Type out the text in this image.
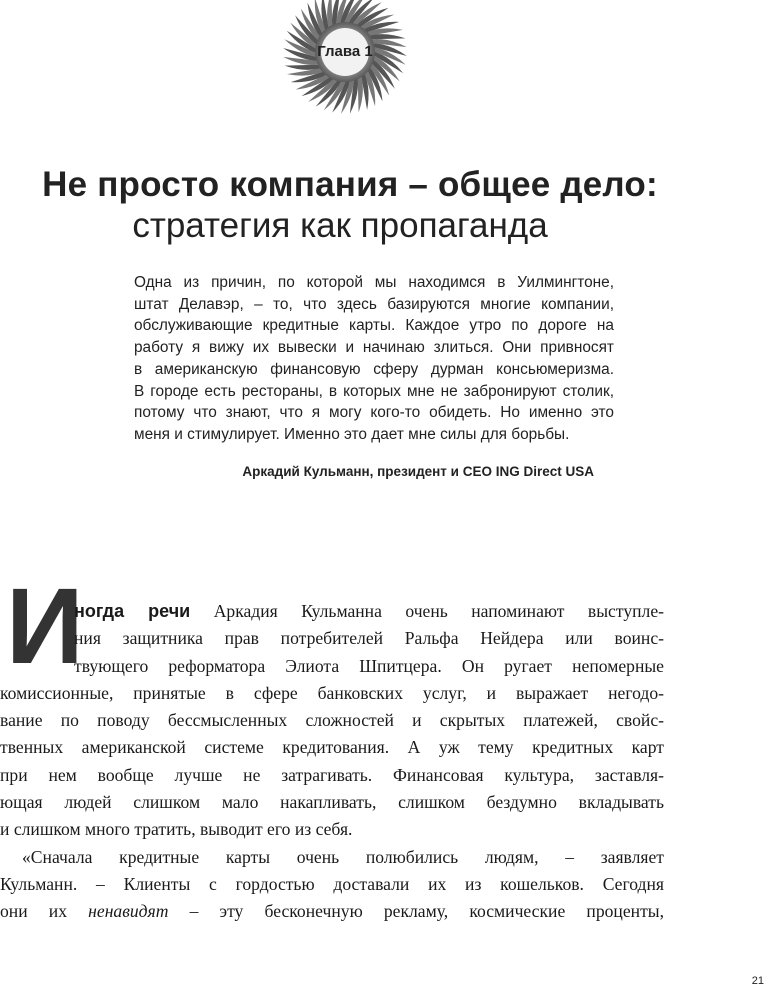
Глава 1
Не просто компания – общее дело:
стратегия как пропаганда
Одна из причин, по которой мы находимся в Уилмингтоне,
штат Делавэр, – то, что здесь базируются многие компании,
обслуживающие кредитные карты. Каждое утро по дороге на
работу я вижу их вывески и начинаю злиться. Они привносят
в американскую финансовую сферу дурман консьюмеризма.
В городе есть рестораны, в которых мне не забронируют столик,
потому что знают, что я могу кого-то обидеть. Но именно это
меня и стимулирует. Именно это дает мне силы для борьбы.
Аркадий Кульманн, президент и CEO ING Direct USA
И
ногда речи Аркадия Кульманна очень напоминают выступле-
ния защитника прав потребителей Ральфа Нейдера или воинс-
твующего реформатора Элиота Шпитцера. Он ругает непомерные
комиссионные, принятые в сфере банковских услуг, и выражает негодо-
вание по поводу бессмысленных сложностей и скрытых платежей, свойс-
твенных американской системе кредитования. А уж тему кредитных карт
при нем вообще лучше не затрагивать. Финансовая культура, заставля-
ющая людей слишком мало накапливать, слишком бездумно вкладывать
и слишком много тратить, выводит его из себя.
«Сначала кредитные карты очень полюбились людям, – заявляет
Кульманн. – Клиенты с гордостью доставали их из кошельков. Сегодня
они их ненавидят – эту бесконечную рекламу, космические проценты,
21
